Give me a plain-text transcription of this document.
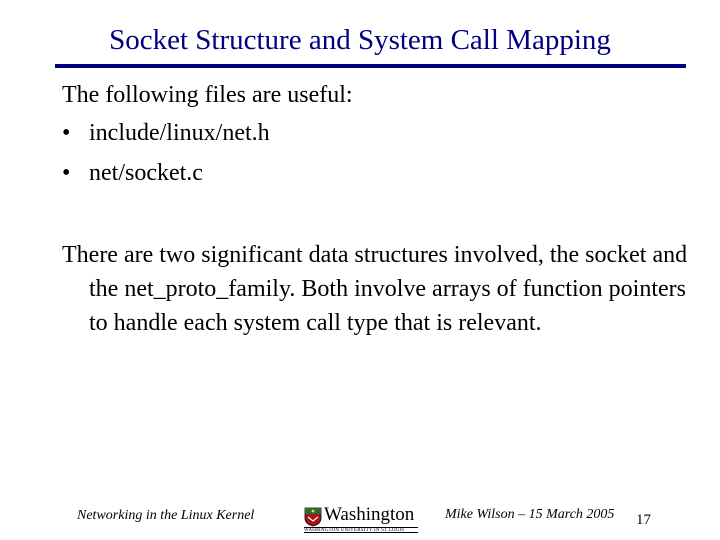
Socket Structure and System Call Mapping
The following files are useful:
• include/linux/net.h
• net/socket.c
There are two significant data structures involved, the socket and the net_proto_family. Both involve arrays of function pointers to handle each system call type that is relevant.
Networking in the Linux Kernel	Washington
WASHINGTON UNIVERSITY IN ST LOUIS
Mike Wilson – 15 March 2005 17
